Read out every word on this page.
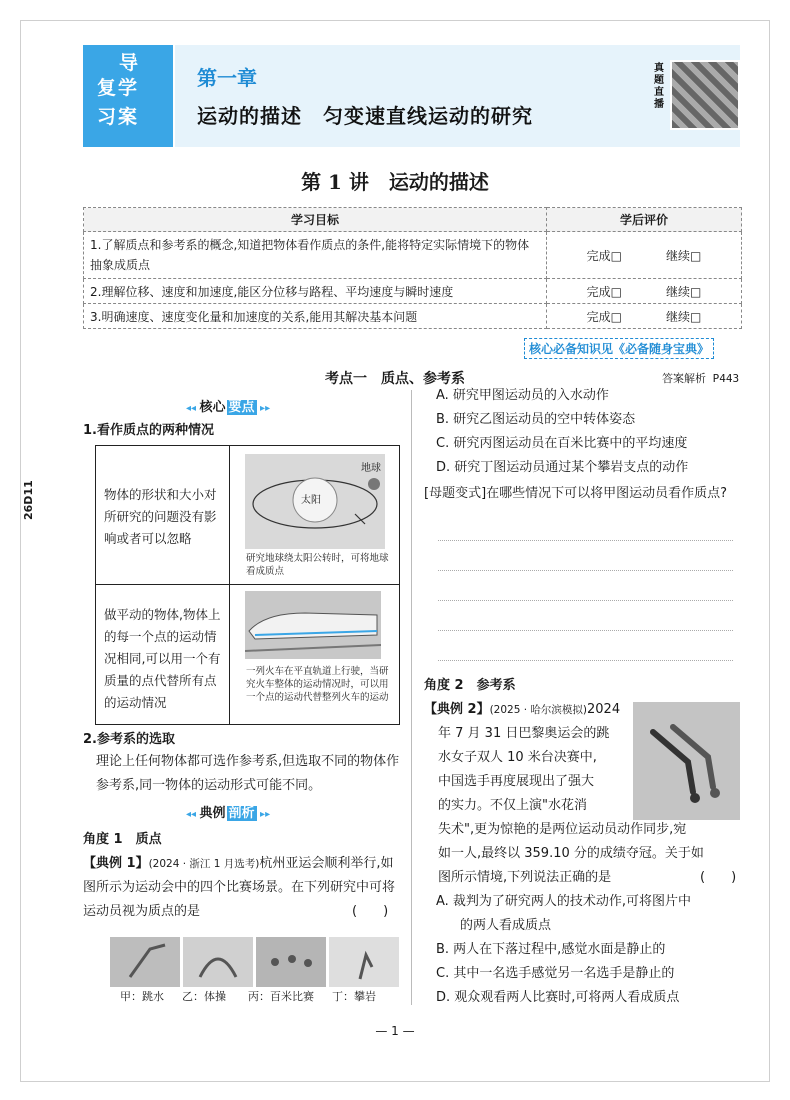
导
复学
习案
第一章
运动的描述　匀变速直线运动的研究
真题直播
第 1 讲　运动的描述
学习目标	学后评价
1.了解质点和参考系的概念,知道把物体看作质点的条件,能将特定实际情境下的物体抽象成质点	完成□ 继续□
2.理解位移、速度和加速度,能区分位移与路程、平均速度与瞬时速度	完成□ 继续□
3.明确速度、速度变化量和加速度的关系,能用其解决基本问题	完成□ 继续□
核心必备知识见《必备随身宝典》
考点一　质点、参考系	答案解析 P443
◂◂ 核心 要点 ▸▸
1.看作质点的两种情况
物体的形状和大小对所研究的问题没有影响或者可以忽略
太阳
地球
研究地球绕太阳公转时，可将地球看成质点
做平动的物体,物体上的每一个点的运动情况相同,可以用一个有质量的点代替所有点的运动情况
一列火车在平直轨道上行驶，当研究火车整体的运动情况时，可以用一个点的运动代替整列火车的运动
2.参考系的选取
理论上任何物体都可选作参考系,但选取不同的物体作参考系,同一物体的运动形式可能不同。
◂◂ 典例 剖析 ▸▸
角度 1　质点
【典例 1】(2024 · 浙江 1 月选考)杭州亚运会顺利举行,如图所示为运动会中的四个比赛场景。在下列研究中可将运动员视为质点的是	(　　)
甲：跳水 乙：体操 丙：百米比赛 丁：攀岩
A. 研究甲图运动员的入水动作
B. 研究乙图运动员的空中转体姿态
C. 研究丙图运动员在百米比赛中的平均速度
D. 研究丁图运动员通过某个攀岩支点的动作
[母题变式]在哪些情况下可以将甲图运动员看作质点?
角度 2　参考系
【典例 2】(2025 · 哈尔滨模拟)2024
年 7 月 31 日巴黎奥运会的跳
水女子双人 10 米台决赛中,
中国选手再度展现出了强大
的实力。不仅上演"水花消
失术",更为惊艳的是两位运动员动作同步,宛
如一人,最终以 359.10 分的成绩夺冠。关于如
图所示情境,下列说法正确的是	(　　)
A. 裁判为了研究两人的技术动作,可将图片中
的两人看成质点
B. 两人在下落过程中,感觉水面是静止的
C. 其中一名选手感觉另一名选手是静止的
D. 观众观看两人比赛时,可将两人看成质点
— 1 —
26D11
